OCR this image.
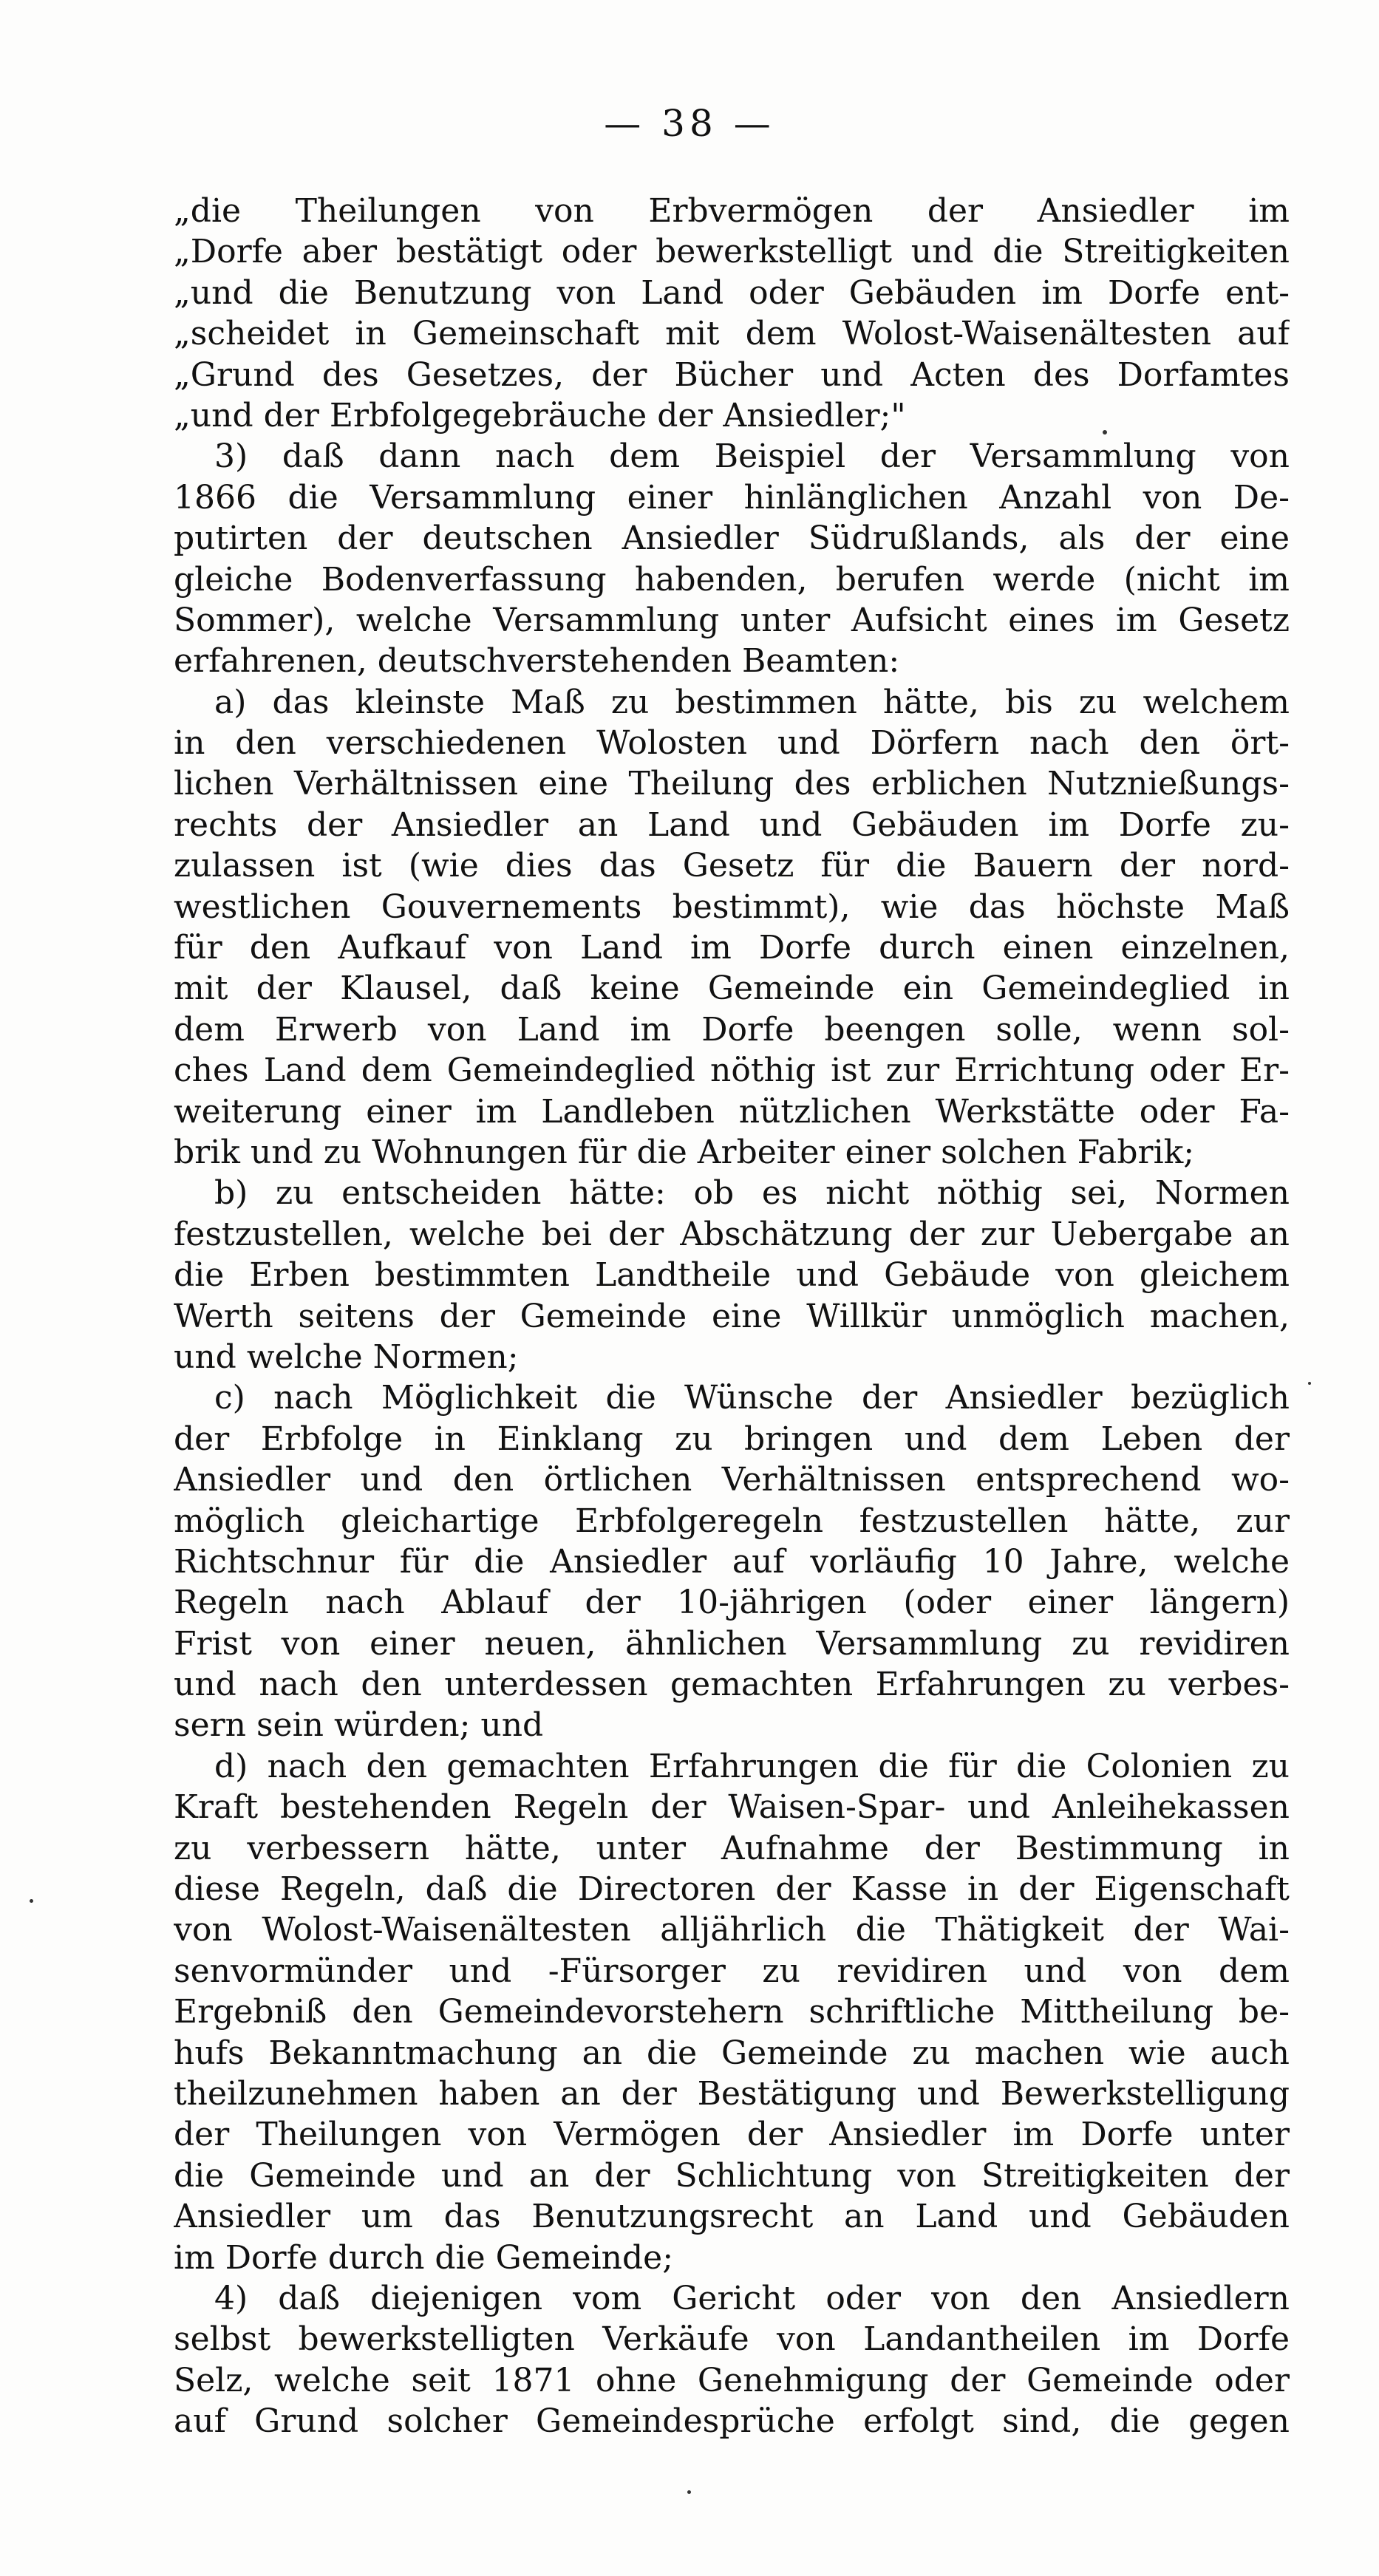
— 38 —
„die Theilungen von Erbvermögen der Ansiedler im
„Dorfe aber bestätigt oder bewerkstelligt und die Streitigkeiten
„und die Benutzung von Land oder Gebäuden im Dorfe ent-
„scheidet in Gemeinschaft mit dem Wolost-Waisenältesten auf
„Grund des Gesetzes, der Bücher und Acten des Dorfamtes
„und der Erbfolgegebräuche der Ansiedler;"
3) daß dann nach dem Beispiel der Versammlung von
1866 die Versammlung einer hinlänglichen Anzahl von De-
putirten der deutschen Ansiedler Südrußlands, als der eine
gleiche Bodenverfassung habenden, berufen werde (nicht im
Sommer), welche Versammlung unter Aufsicht eines im Gesetz
erfahrenen, deutschverstehenden Beamten:
a) das kleinste Maß zu bestimmen hätte, bis zu welchem
in den verschiedenen Wolosten und Dörfern nach den ört-
lichen Verhältnissen eine Theilung des erblichen Nutznießungs-
rechts der Ansiedler an Land und Gebäuden im Dorfe zu-
zulassen ist (wie dies das Gesetz für die Bauern der nord-
westlichen Gouvernements bestimmt), wie das höchste Maß
für den Aufkauf von Land im Dorfe durch einen einzelnen,
mit der Klausel, daß keine Gemeinde ein Gemeindeglied in
dem Erwerb von Land im Dorfe beengen solle, wenn sol-
ches Land dem Gemeindeglied nöthig ist zur Errichtung oder Er-
weiterung einer im Landleben nützlichen Werkstätte oder Fa-
brik und zu Wohnungen für die Arbeiter einer solchen Fabrik;
b) zu entscheiden hätte: ob es nicht nöthig sei, Normen
festzustellen, welche bei der Abschätzung der zur Uebergabe an
die Erben bestimmten Landtheile und Gebäude von gleichem
Werth seitens der Gemeinde eine Willkür unmöglich machen,
und welche Normen;
c) nach Möglichkeit die Wünsche der Ansiedler bezüglich
der Erbfolge in Einklang zu bringen und dem Leben der
Ansiedler und den örtlichen Verhältnissen entsprechend wo-
möglich gleichartige Erbfolgeregeln festzustellen hätte, zur
Richtschnur für die Ansiedler auf vorläufig 10 Jahre, welche
Regeln nach Ablauf der 10-jährigen (oder einer längern)
Frist von einer neuen, ähnlichen Versammlung zu revidiren
und nach den unterdessen gemachten Erfahrungen zu verbes-
sern sein würden; und
d) nach den gemachten Erfahrungen die für die Colonien zu
Kraft bestehenden Regeln der Waisen-Spar- und Anleihekassen
zu verbessern hätte, unter Aufnahme der Bestimmung in
diese Regeln, daß die Directoren der Kasse in der Eigenschaft
von Wolost-Waisenältesten alljährlich die Thätigkeit der Wai-
senvormünder und -Fürsorger zu revidiren und von dem
Ergebniß den Gemeindevorstehern schriftliche Mittheilung be-
hufs Bekanntmachung an die Gemeinde zu machen wie auch
theilzunehmen haben an der Bestätigung und Bewerkstelligung
der Theilungen von Vermögen der Ansiedler im Dorfe unter
die Gemeinde und an der Schlichtung von Streitigkeiten der
Ansiedler um das Benutzungsrecht an Land und Gebäuden
im Dorfe durch die Gemeinde;
4) daß diejenigen vom Gericht oder von den Ansiedlern
selbst bewerkstelligten Verkäufe von Landantheilen im Dorfe
Selz, welche seit 1871 ohne Genehmigung der Gemeinde oder
auf Grund solcher Gemeindesprüche erfolgt sind, die gegen
